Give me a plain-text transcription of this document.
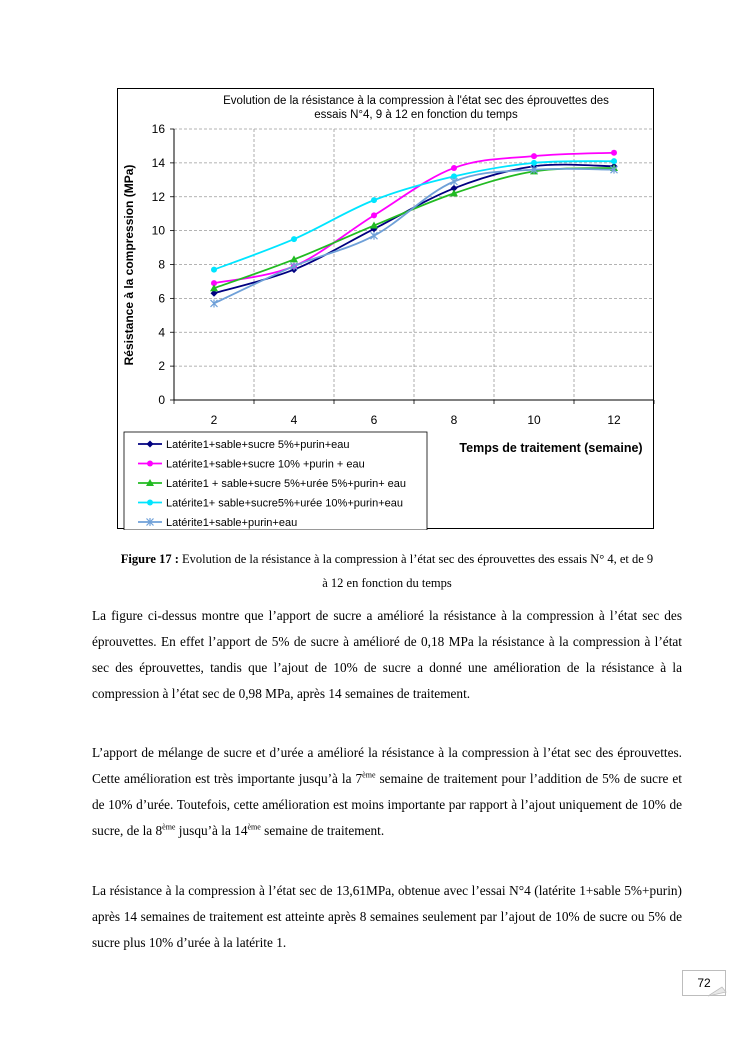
Evolution de la résistance à la compression à l'état sec des éprouvettes des
essais N°4, 9 à 12 en fonction du temps
0
2
4
6
8
10
12
14
16
2	4	6	8	10	12
Résistance à la compression (MPa)
Temps de traitement (semaine)
Latérite1+sable+sucre 5%+purin+eau
Latérite1+sable+sucre 10% +purin + eau
Latérite1 + sable+sucre 5%+urée 5%+purin+ eau
Latérite1+ sable+sucre5%+urée 10%+purin+eau
Latérite1+sable+purin+eau
Figure 17 : Evolution de la résistance à la compression à l’état sec des éprouvettes des essais N° 4, et de 9
à 12 en fonction du temps

La figure ci-dessus montre que l’apport de sucre a amélioré la résistance à la compression à l’état sec des éprouvettes. En effet l’apport de 5% de sucre à amélioré de 0,18 MPa la résistance à la compression à l’état sec des éprouvettes, tandis que l’ajout de 10% de sucre a donné une amélioration de la résistance à la compression à l’état sec de 0,98 MPa, après 14 semaines de traitement.

L’apport de mélange de sucre et d’urée a amélioré la résistance à la compression à l’état sec des éprouvettes. Cette amélioration est très importante jusqu’à la 7ème semaine de traitement pour l’addition de 5% de sucre et de 10% d’urée. Toutefois, cette amélioration est moins importante par rapport à l’ajout uniquement de 10% de sucre, de la 8ème jusqu’à la 14ème semaine de traitement.

La résistance à la compression à l’état sec de 13,61MPa, obtenue avec l’essai N°4 (latérite 1+sable 5%+purin) après 14 semaines de traitement est atteinte après 8 semaines seulement par l’ajout de 10% de sucre ou 5% de sucre plus 10% d’urée à la latérite 1.

72
